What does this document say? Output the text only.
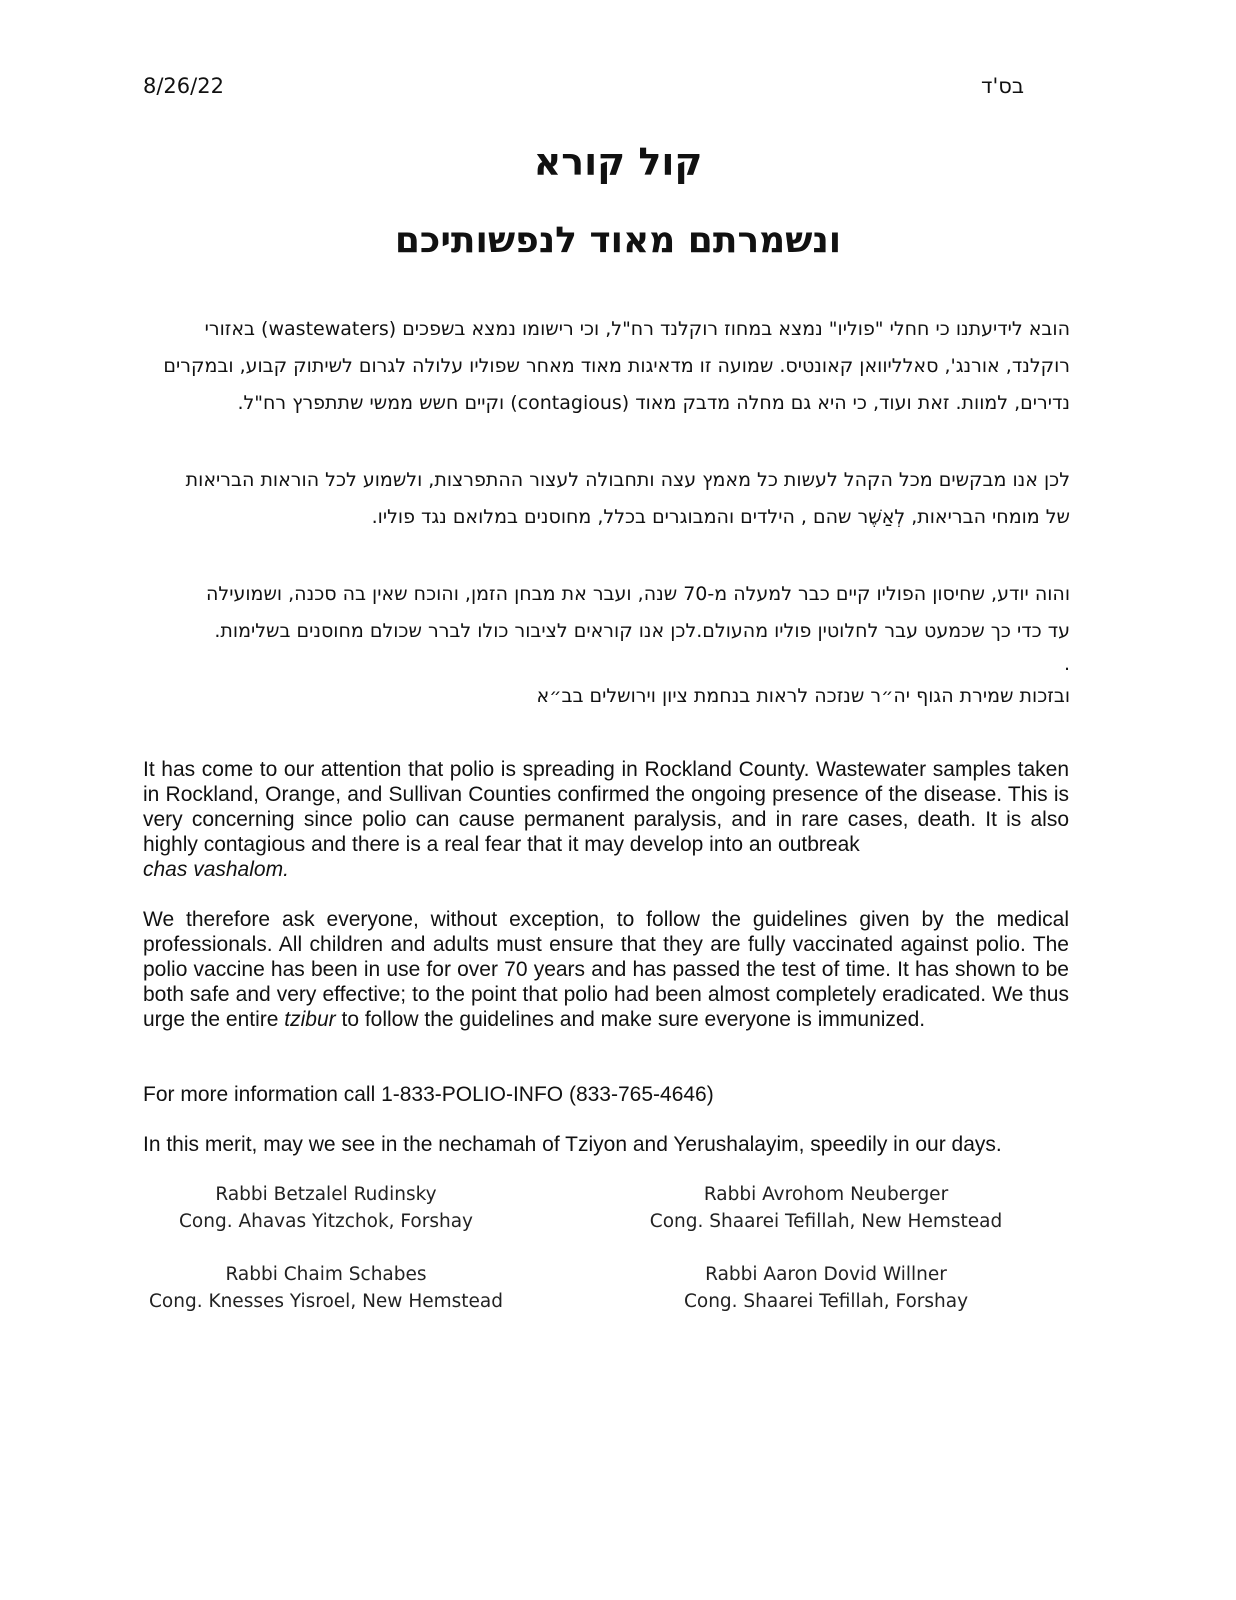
8/26/22	בס'ד
קול קורא
ונשמרתם מאוד לנפשותיכם

הובא לידיעתנו כי חחלי "פוליו" נמצא במחוז רוקלנד רח"ל, וכי רישומו נמצא בשפכים (wastewaters) באזורי

רוקלנד, אורנג', סאלליוואן קאונטיס. שמועה זו מדאיגות מאוד מאחר שפוליו עלולה לגרום לשיתוק קבוע, ובמקרים

נדירים, למוות. זאת ועוד, כי היא גם מחלה מדבק מאוד (contagious) וקיים חשש ממשי שתתפרץ רח"ל.

לכן אנו מבקשים מכל הקהל לעשות כל מאמץ עצה ותחבולה לעצור ההתפרצות, ולשמוע לכל הוראות הבריאות

של מומחי הבריאות, לְאַשֶׁר שהם , הילדים והמבוגרים בכלל, מחוסנים במלואם נגד פוליו.

והוה יודע, שחיסון הפוליו קיים כבר למעלה מ-70 שנה, ועבר את מבחן הזמן, והוכח שאין בה סכנה, ושמועילה

עד כדי כך שכמעט עבר לחלוטין פוליו מהעולם.לכן אנו קוראים לציבור כולו לברר שכולם מחוסנים בשלימות.

.

ובזכות שמירת הגוף יה״ר שנזכה לראות בנחמת ציון וירושלים בב״א

It has come to our attention that polio is spreading in Rockland County. Wastewater samples taken in Rockland, Orange, and Sullivan Counties confirmed the ongoing presence of the disease. This is very concerning since polio can cause permanent paralysis, and in rare cases, death. It is also highly contagious and there is a real fear that it may develop into an outbreak
chas vashalom.

We therefore ask everyone, without exception, to follow the guidelines given by the medical professionals. All children and adults must ensure that they are fully vaccinated against polio. The polio vaccine has been in use for over 70 years and has passed the test of time. It has shown to be both safe and very effective; to the point that polio had been almost completely eradicated. We thus urge the entire tzibur to follow the guidelines and make sure everyone is immunized.

For more information call 1-833-POLIO-INFO (833-765-4646)

In this merit, may we see in the nechamah of Tziyon and Yerushalayim, speedily in our days.

Rabbi Betzalel Rudinsky
Cong. Ahavas Yitzchok, Forshay
Rabbi Avrohom Neuberger
Cong. Shaarei Tefillah, New Hemstead
Rabbi Chaim Schabes
Cong. Knesses Yisroel, New Hemstead
Rabbi Aaron Dovid Willner
Cong. Shaarei Tefillah, Forshay
